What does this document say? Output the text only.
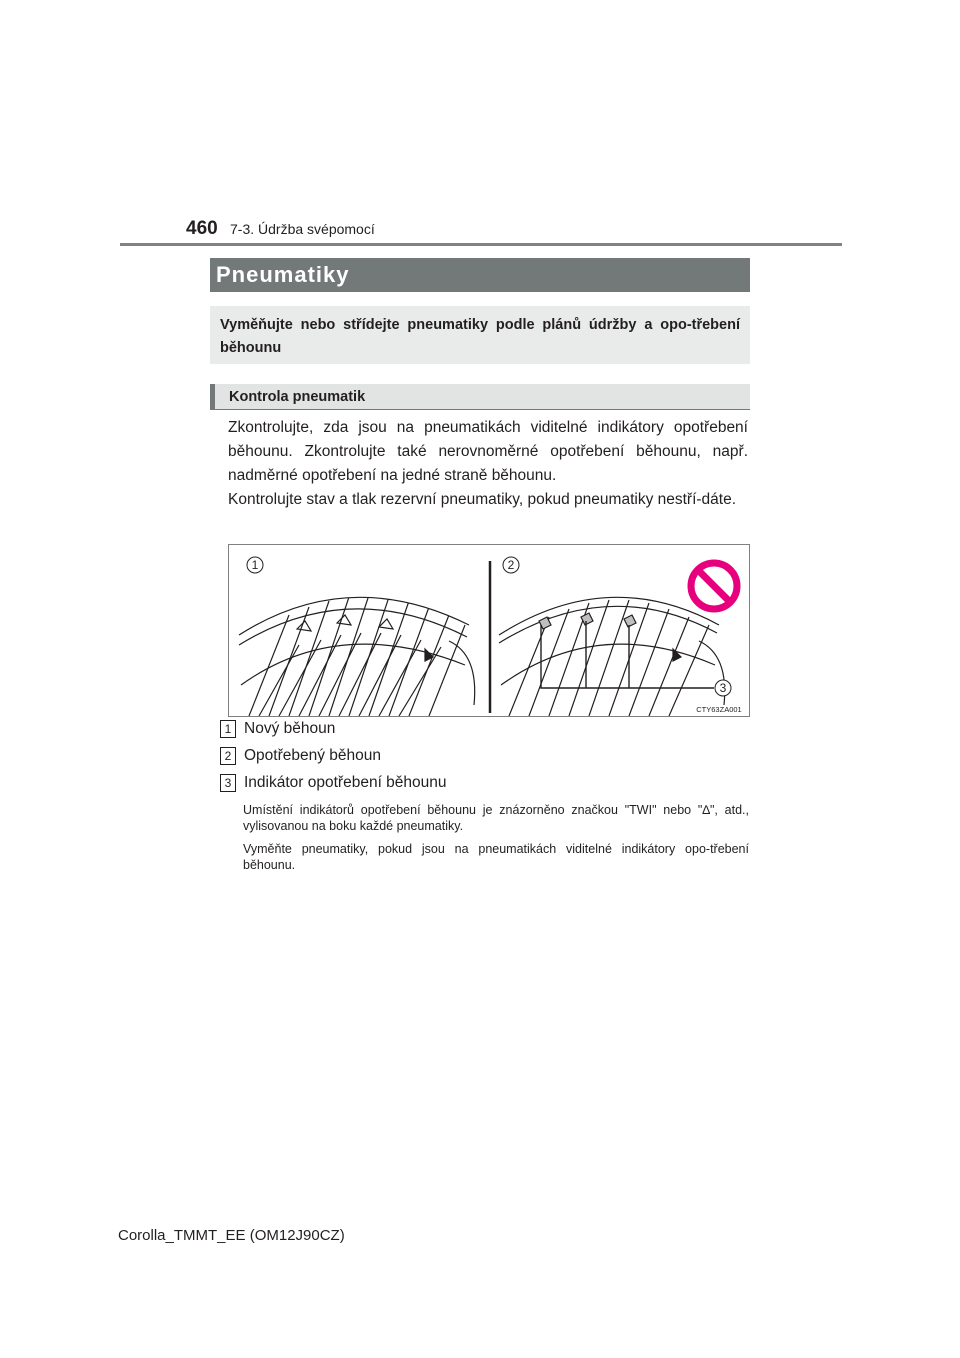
460 7-3. Údržba svépomocí
Pneumatiky
Vyměňujte nebo střídejte pneumatiky podle plánů údržby a opo-třebení běhounu
Kontrola pneumatik
Zkontrolujte, zda jsou na pneumatikách viditelné indikátory opotřebení běhounu. Zkontrolujte také nerovnoměrné opotřebení běhounu, např. nadměrné opotřebení na jedné straně běhounu.
Kontrolujte stav a tlak rezervní pneumatiky, pokud pneumatiky nestří-dáte.
1	2
3
CTY63ZA001
1 Nový běhoun
2 Opotřebený běhoun
3 Indikátor opotřebení běhounu
Umístění indikátorů opotřebení běhounu je znázorněno značkou "TWI" nebo "∆", atd., vylisovanou na boku každé pneumatiky.
Vyměňte pneumatiky, pokud jsou na pneumatikách viditelné indikátory opo-třebení běhounu.
Corolla_TMMT_EE (OM12J90CZ)
